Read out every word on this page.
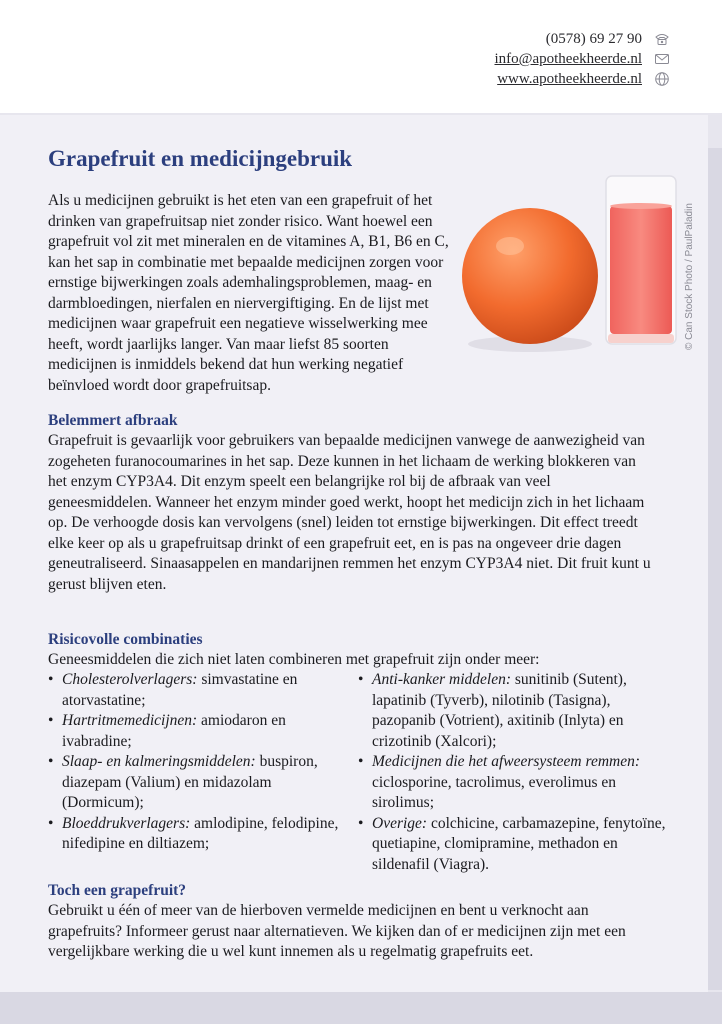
(0578) 69 27 90
info@apotheekheerde.nl
www.apotheekheerde.nl
Grapefruit en medicijngebruik
© Can Stock Photo / PaulPaladin

Als u medicijnen gebruikt is het eten van een grapefruit of het drinken van grapefruitsap niet zonder risico. Want hoewel een grapefruit vol zit met mineralen en de vitamines A, B1, B6 en C, kan het sap in combinatie met bepaalde medicijnen zorgen voor ernstige bijwerkingen zoals ademhalingsproblemen, maag- en darmbloedingen, nierfalen en niervergiftiging. En de lijst met medicijnen waar grapefruit een negatieve wisselwerking mee heeft, wordt jaarlijks langer. Van maar liefst 85 soorten medicijnen is inmiddels bekend dat hun werking negatief beïnvloed wordt door grapefruitsap.

Belemmert afbraak

Grapefruit is gevaarlijk voor gebruikers van bepaalde medicijnen vanwege de aanwezigheid van zogeheten furanocoumarines in het sap. Deze kunnen in het lichaam de werking blokkeren van het enzym CYP3A4. Dit enzym speelt een belangrijke rol bij de afbraak van veel geneesmiddelen. Wanneer het enzym minder goed werkt, hoopt het medicijn zich in het lichaam op. De verhoogde dosis kan vervolgens (snel) leiden tot ernstige bijwerkingen. Dit effect treedt elke keer op als u grapefruitsap drinkt of een grapefruit eet, en is pas na ongeveer drie dagen geneutraliseerd. Sinaasappelen en mandarijnen remmen het enzym CYP3A4 niet. Dit fruit kunt u gerust blijven eten.

Risicovolle combinaties

Geneesmiddelen die zich niet laten combineren met grapefruit zijn onder meer:

• Cholesterolverlagers: simvastatine en atorvastatine;
• Hartritmemedicijnen: amiodaron en ivabradine;
• Slaap- en kalmeringsmiddelen: buspiron, diazepam (Valium) en midazolam (Dormicum);
• Bloeddrukverlagers: amlodipine, felodipine, nifedipine en diltiazem;
• Anti-kanker middelen: sunitinib (Sutent), lapatinib (Tyverb), nilotinib (Tasigna), pazopanib (Votrient), axitinib (Inlyta) en crizotinib (Xalcori);
• Medicijnen die het afweersysteem remmen: ciclosporine, tacrolimus, everolimus en sirolimus;
• Overige: colchicine, carbamazepine, fenytoïne, quetiapine, clomipramine, methadon en sildenafil (Viagra).
Toch een grapefruit?

Gebruikt u één of meer van de hierboven vermelde medicijnen en bent u verknocht aan grapefruits? Informeer gerust naar alternatieven. We kijken dan of er medicijnen zijn met een vergelijkbare werking die u wel kunt innemen als u regelmatig grapefruits eet.
